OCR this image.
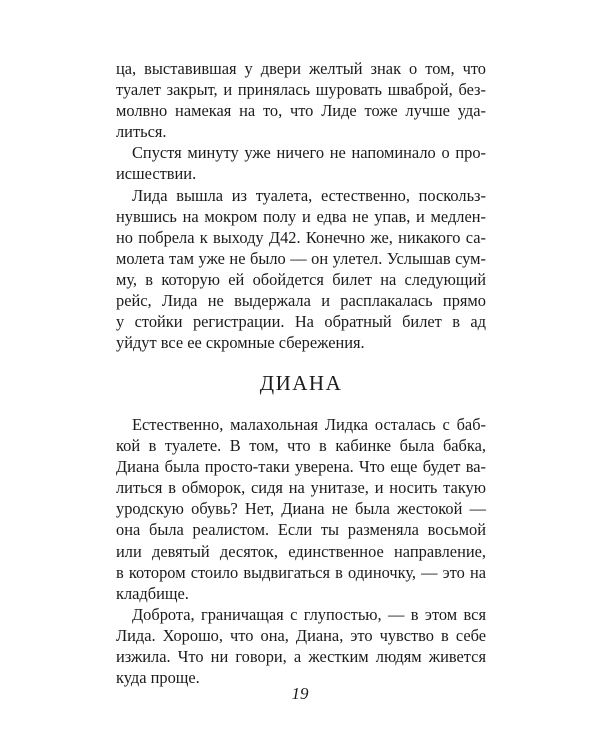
ца, выставившая у двери желтый знак о том, что
туалет закрыт, и принялась шуровать шваброй, без-
молвно намекая на то, что Лиде тоже лучше уда-
литься.
Спустя минуту уже ничего не напоминало о про-
исшествии.
Лида вышла из туалета, естественно, поскольз-
нувшись на мокром полу и едва не упав, и медлен-
но побрела к выходу Д42. Конечно же, никакого са-
молета там уже не было — он улетел. Услышав сум-
му, в которую ей обойдется билет на следующий
рейс, Лида не выдержала и расплакалась прямо
у стойки регистрации. На обратный билет в ад
уйдут все ее скромные сбережения.
ДИАНА
Естественно, малахольная Лидка осталась с баб-
кой в туалете. В том, что в кабинке была бабка,
Диана была просто-таки уверена. Что еще будет ва-
литься в обморок, сидя на унитазе, и носить такую
уродскую обувь? Нет, Диана не была жестокой —
она была реалистом. Если ты разменяла восьмой
или девятый десяток, единственное направление,
в котором стоило выдвигаться в одиночку, — это на
кладбище.
Доброта, граничащая с глупостью, — в этом вся
Лида. Хорошо, что она, Диана, это чувство в себе
изжила. Что ни говори, а жестким людям живется
куда проще.
19
